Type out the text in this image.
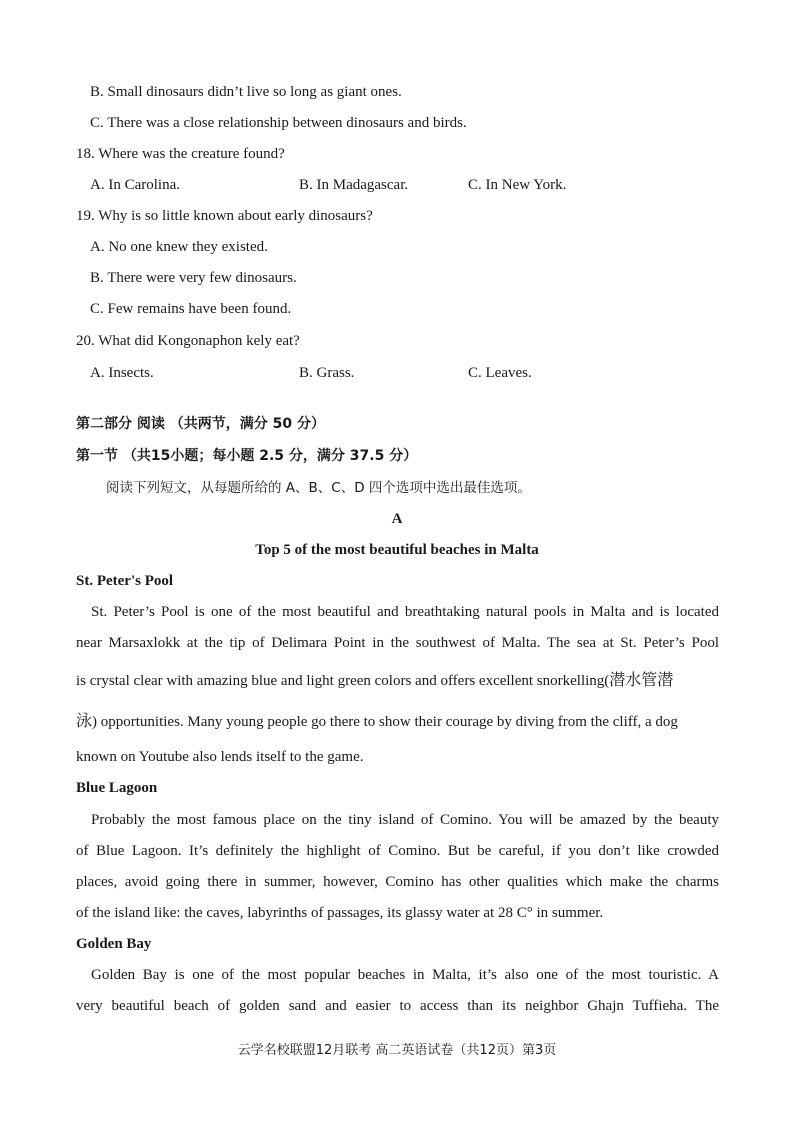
B. Small dinosaurs didn’t live so long as giant ones.
C. There was a close relationship between dinosaurs and birds.
18. Where was the creature found?
A. In Carolina.	B. In Madagascar.	C. In New York.
19. Why is so little known about early dinosaurs?
A. No one knew they existed.
B. There were very few dinosaurs.
C. Few remains have been found.
20. What did Kongonaphon kely eat?
A. Insects.	B. Grass.	C. Leaves.
第二部分 阅读 （共两节，满分 50 分）
第一节 （共15小题；每小题 2.5 分，满分 37.5 分）
阅读下列短文，从每题所给的 A、B、C、D 四个选项中选出最佳选项。
A
Top 5 of the most beautiful beaches in Malta
St. Peter's Pool
St. Peter’s Pool is one of the most beautiful and breathtaking natural pools in Malta and is located
near Marsaxlokk at the tip of Delimara Point in the southwest of Malta. The sea at St. Peter’s Pool
is crystal clear with amazing blue and light green colors and offers excellent snorkelling(潜水管潜
泳) opportunities. Many young people go there to show their courage by diving from the cliff, a dog
known on Youtube also lends itself to the game.
Blue Lagoon
Probably the most famous place on the tiny island of Comino. You will be amazed by the beauty
of Blue Lagoon. It’s definitely the highlight of Comino. But be careful, if you don’t like crowded
places, avoid going there in summer, however, Comino has other qualities which make the charms
of the island like: the caves, labyrinths of passages, its glassy water at 28 C° in summer.
Golden Bay
Golden Bay is one of the most popular beaches in Malta, it’s also one of the most touristic. A
very beautiful beach of golden sand and easier to access than its neighbor Ghajn Tuffieha. The
云学名校联盟12月联考 高二英语试卷（共12页）第3页
